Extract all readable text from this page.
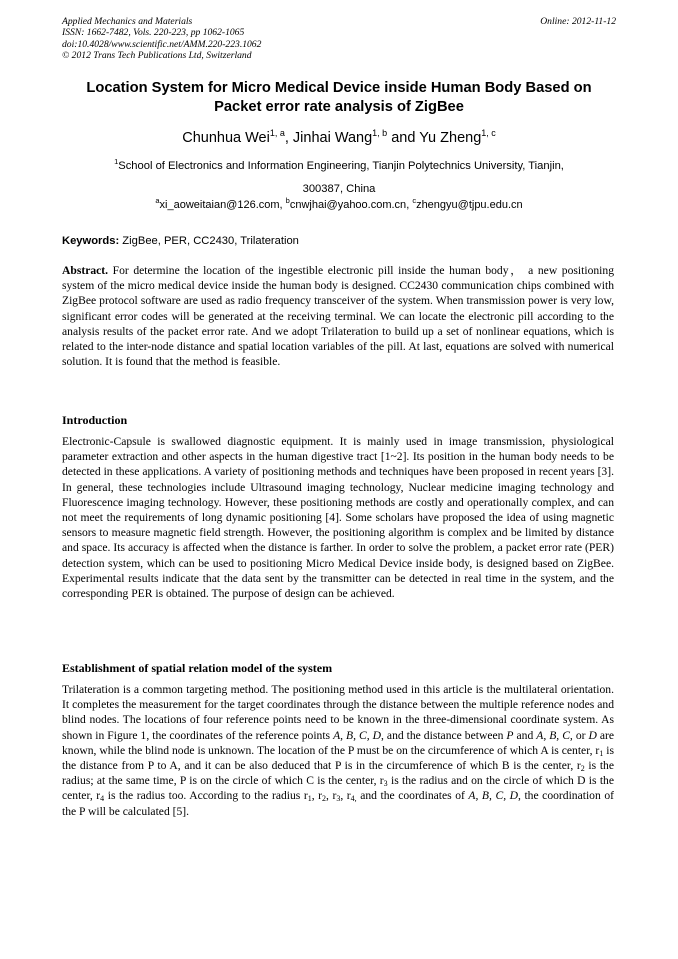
Applied Mechanics and Materials
ISSN: 1662-7482, Vols. 220-223, pp 1062-1065
doi:10.4028/www.scientific.net/AMM.220-223.1062
© 2012 Trans Tech Publications Ltd, Switzerland
Online: 2012-11-12
Location System for Micro Medical Device inside Human Body Based on
Packet error rate analysis of ZigBee
Chunhua Wei$^{1, a}$, Jinhai Wang$^{1, b}$ and Yu Zheng$^{1, c}$
$^1$School of Electronics and Information Engineering, Tianjin Polytechnics University, Tianjin,
300387, China
$^a$xi_aoweitaian@126.com, $^b$cnwjhai@yahoo.com.cn, $^c$zhengyu@tjpu.edu.cn
Keywords: ZigBee, PER, CC2430, Trilateration

Abstract. For determine the location of the ingestible electronic pill inside the human body， a new positioning system of the micro medical device inside the human body is designed. CC2430 communication chips combined with ZigBee protocol software are used as radio frequency transceiver of the system. When transmission power is very low, significant error codes will be generated at the receiving terminal. We can locate the electronic pill according to the analysis results of the packet error rate. And we adopt Trilateration to build up a set of nonlinear equations, which is related to the inter-node distance and spatial location variables of the pill. At last, equations are solved with numerical solution. It is found that the method is feasible.

Introduction

Electronic-Capsule is swallowed diagnostic equipment. It is mainly used in image transmission, physiological parameter extraction and other aspects in the human digestive tract [1~2]. Its position in the human body needs to be detected in these applications. A variety of positioning methods and techniques have been proposed in recent years [3]. In general, these technologies include Ultrasound imaging technology, Nuclear medicine imaging technology and Fluorescence imaging technology. However, these positioning methods are costly and operationally complex, and can not meet the requirements of long dynamic positioning [4]. Some scholars have proposed the idea of using magnetic sensors to measure magnetic field strength. However, the positioning algorithm is complex and be limited by distance and space. Its accuracy is affected when the distance is farther. In order to solve the problem, a packet error rate (PER) detection system, which can be used to positioning Micro Medical Device inside body, is designed based on ZigBee. Experimental results indicate that the data sent by the transmitter can be detected in real time in the system, and the corresponding PER is obtained. The purpose of design can be achieved.

Establishment of spatial relation model of the system

Trilateration is a common targeting method. The positioning method used in this article is the multilateral orientation. It completes the measurement for the target coordinates through the distance between the multiple reference nodes and blind nodes. The locations of four reference points need to be known in the three-dimensional coordinate system. As shown in Figure 1, the coordinates of the reference points A, B, C, D, and the distance between P and A, B, C, or D are known, while the blind node is unknown. The location of the P must be on the circumference of which A is center, $r_1$ is the distance from P to A, and it can be also deduced that P is in the circumference of which B is the center, $r_2$ is the radius; at the same time, P is on the circle of which C is the center, $r_3$ is the radius and on the circle of which D is the center, $r_4$ is the radius too. According to the radius $r_1$, $r_2$, $r_3$, $r_{4,}$ and the coordinates of A, B, C, D, the coordination of the P will be calculated [5].
